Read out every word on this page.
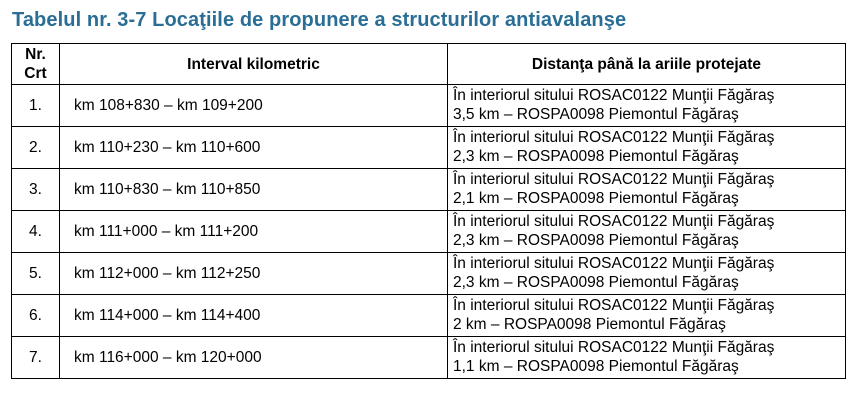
Tabelul nr. 3-7 Locaţiile de propunere a structurilor antiavalanşe
Nr. Crt	Interval kilometric	Distanţa până la ariile protejate
1.	km 108+830 – km 109+200	În interiorul sitului ROSAC0122 Munţii Făgăraş
3,5 km – ROSPA0098 Piemontul Făgăraş

2.	km 110+230 – km 110+600	În interiorul sitului ROSAC0122 Munţii Făgăraş
2,3 km – ROSPA0098 Piemontul Făgăraş

3.	km 110+830 – km 110+850	În interiorul sitului ROSAC0122 Munţii Făgăraş
2,1 km – ROSPA0098 Piemontul Făgăraş

4.	km 111+000 – km 111+200	În interiorul sitului ROSAC0122 Munţii Făgăraş
2,3 km – ROSPA0098 Piemontul Făgăraş

5.	km 112+000 – km 112+250	În interiorul sitului ROSAC0122 Munţii Făgăraş
2,3 km – ROSPA0098 Piemontul Făgăraş

6.	km 114+000 – km 114+400	În interiorul sitului ROSAC0122 Munţii Făgăraş
2 km – ROSPA0098 Piemontul Făgăraş

7.	km 116+000 – km 120+000	În interiorul sitului ROSAC0122 Munţii Făgăraş
1,1 km – ROSPA0098 Piemontul Făgăraş
